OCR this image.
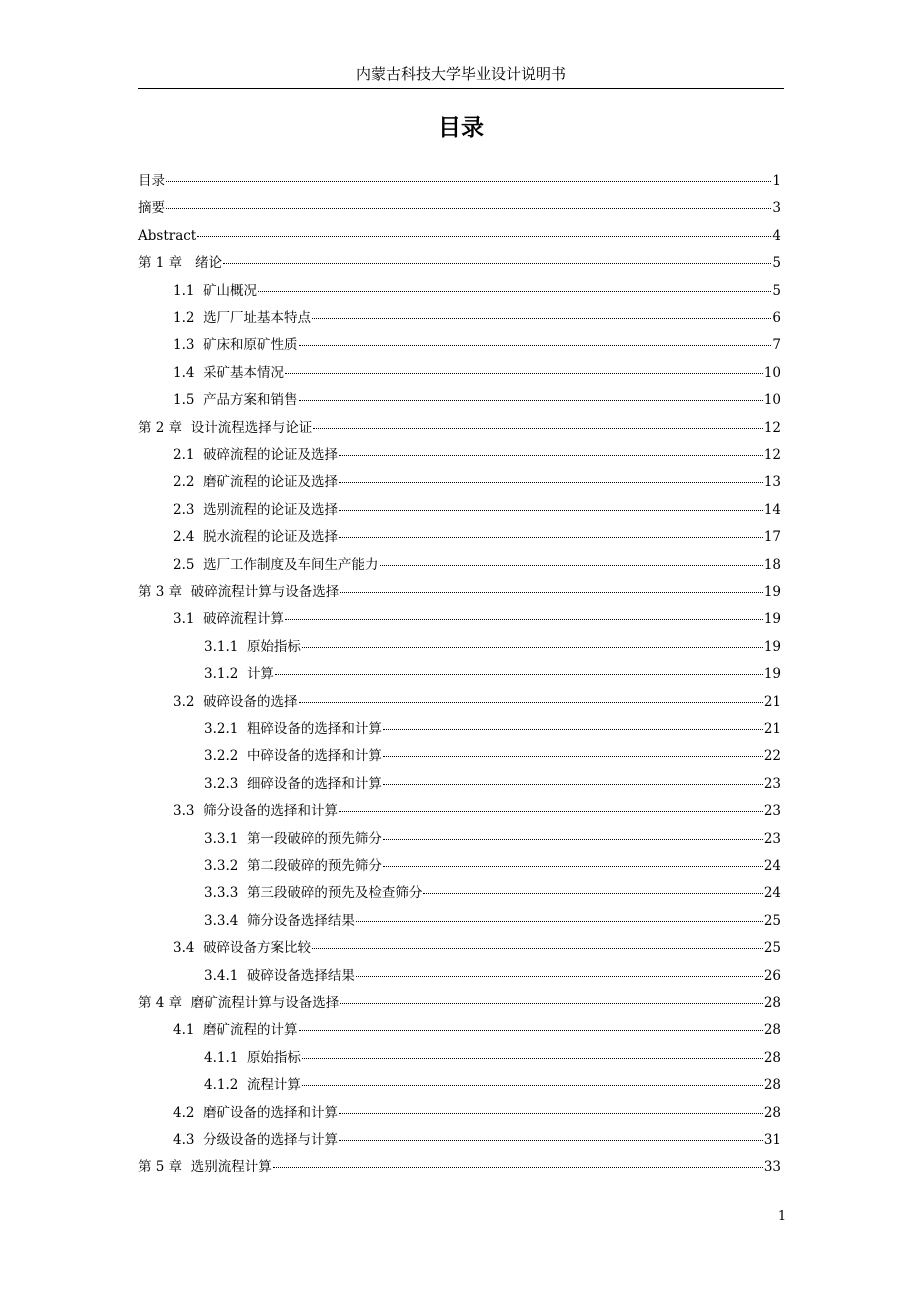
内蒙古科技大学毕业设计说明书
目录
目录	1
摘要	3
Abstract	4
第 1 章 绪论	5
1.1 矿山概况	5
1.2 选厂厂址基本特点	6
1.3 矿床和原矿性质	7
1.4 采矿基本情况	10
1.5 产品方案和销售	10
第 2 章 设计流程选择与论证	12
2.1 破碎流程的论证及选择	12
2.2 磨矿流程的论证及选择	13
2.3 选别流程的论证及选择	14
2.4 脱水流程的论证及选择	17
2.5 选厂工作制度及车间生产能力	18
第 3 章 破碎流程计算与设备选择	19
3.1 破碎流程计算	19
3.1.1 原始指标	19
3.1.2 计算	19
3.2 破碎设备的选择	21
3.2.1 粗碎设备的选择和计算	21
3.2.2 中碎设备的选择和计算	22
3.2.3 细碎设备的选择和计算	23
3.3 筛分设备的选择和计算	23
3.3.1 第一段破碎的预先筛分	23
3.3.2 第二段破碎的预先筛分	24
3.3.3 第三段破碎的预先及检查筛分	24
3.3.4 筛分设备选择结果	25
3.4 破碎设备方案比较	25
3.4.1 破碎设备选择结果	26
第 4 章 磨矿流程计算与设备选择	28
4.1 磨矿流程的计算	28
4.1.1 原始指标	28
4.1.2 流程计算	28
4.2 磨矿设备的选择和计算	28
4.3 分级设备的选择与计算	31
第 5 章 选别流程计算	33
1
